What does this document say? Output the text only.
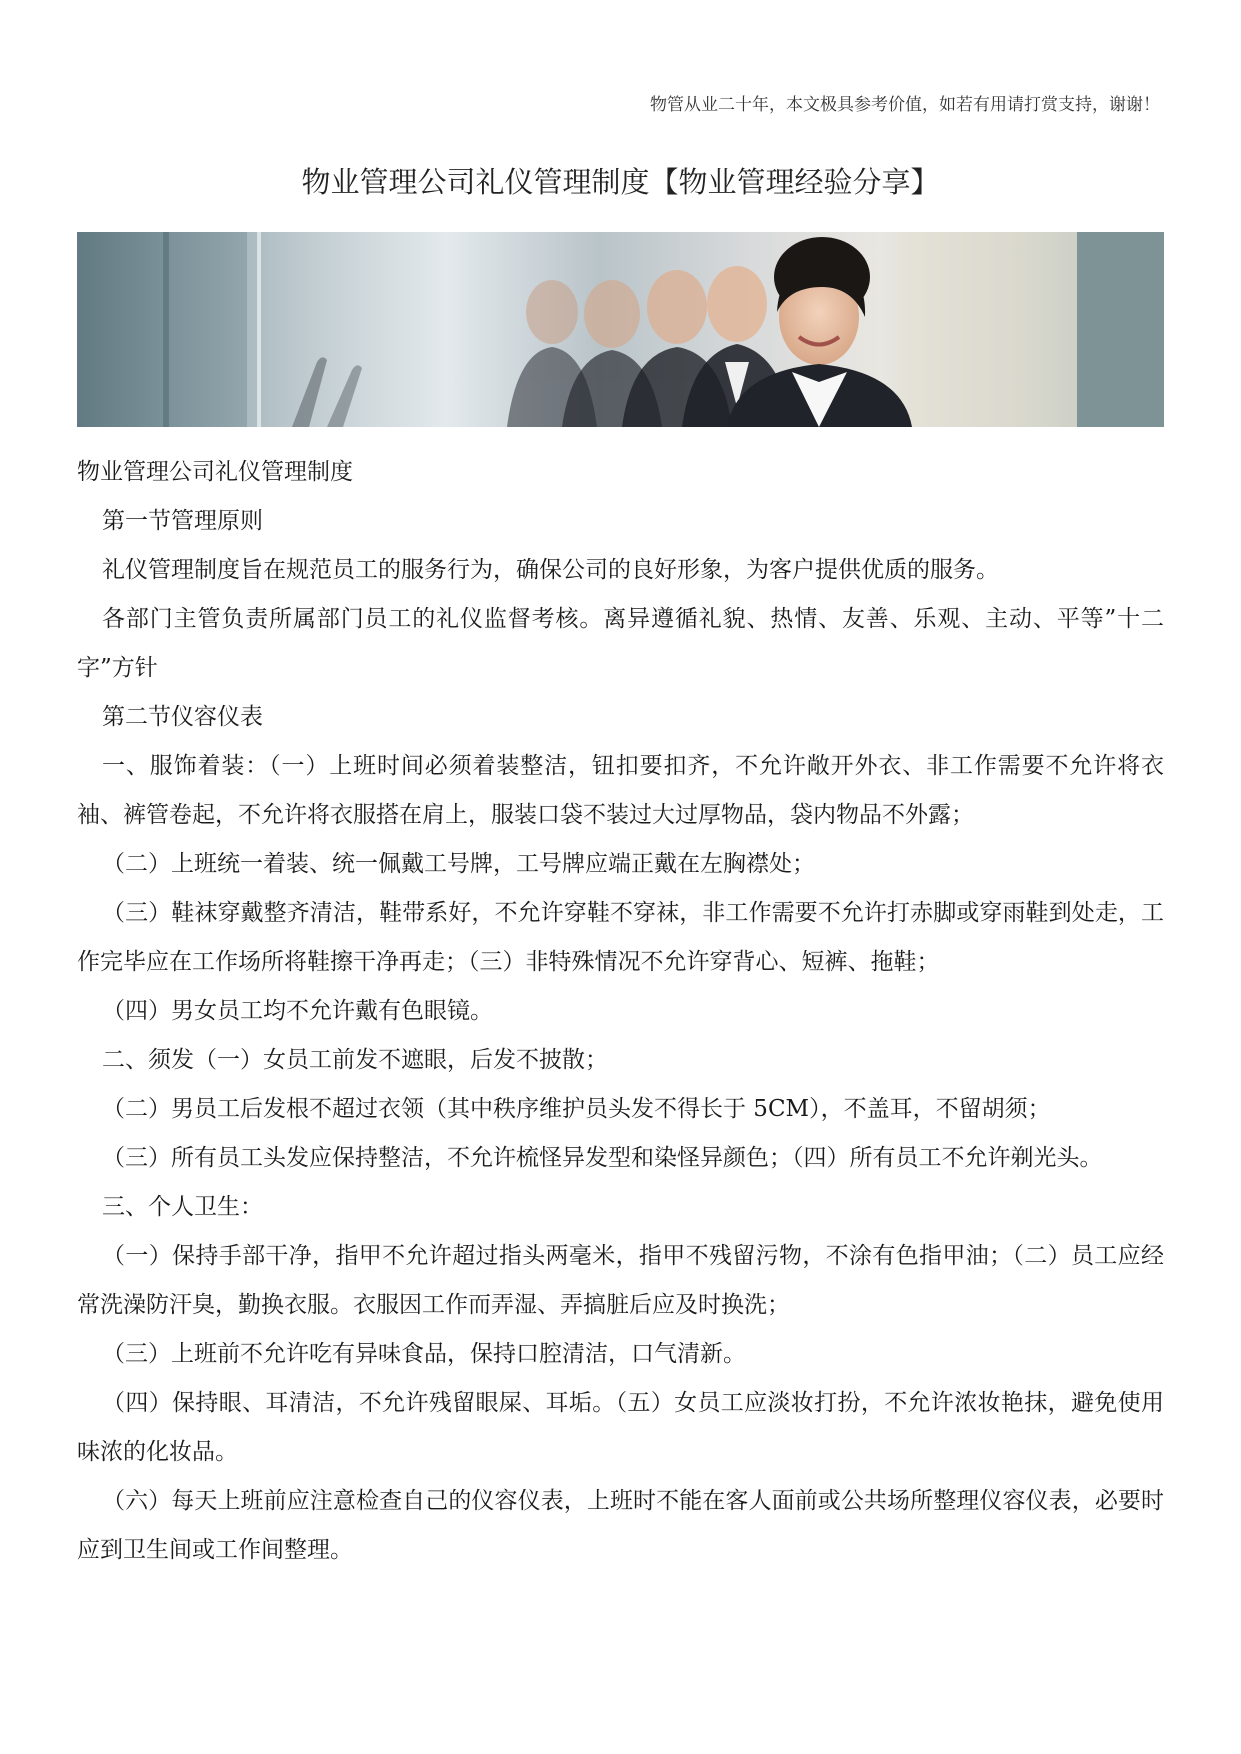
物管从业二十年，本文极具参考价值，如若有用请打赏支持，谢谢！
物业管理公司礼仪管理制度【物业管理经验分享】

物业管理公司礼仪管理制度

第一节管理原则

礼仪管理制度旨在规范员工的服务行为，确保公司的良好形象，为客户提供优质的服务。

各部门主管负责所属部门员工的礼仪监督考核。离异遵循礼貌、热情、友善、乐观、主动、平等”十二字”方针

第二节仪容仪表

一、服饰着装：（一）上班时间必须着装整洁，钮扣要扣齐，不允许敞开外衣、非工作需要不允许将衣袖、裤管卷起，不允许将衣服搭在肩上，服装口袋不装过大过厚物品，袋内物品不外露；

（二）上班统一着装、统一佩戴工号牌，工号牌应端正戴在左胸襟处；

（三）鞋袜穿戴整齐清洁，鞋带系好，不允许穿鞋不穿袜，非工作需要不允许打赤脚或穿雨鞋到处走，工作完毕应在工作场所将鞋擦干净再走；（三）非特殊情况不允许穿背心、短裤、拖鞋；

（四）男女员工均不允许戴有色眼镜。

二、须发（一）女员工前发不遮眼，后发不披散；

（二）男员工后发根不超过衣领（其中秩序维护员头发不得长于 5CM），不盖耳，不留胡须；

（三）所有员工头发应保持整洁，不允许梳怪异发型和染怪异颜色；（四）所有员工不允许剃光头。

三、个人卫生：

（一）保持手部干净，指甲不允许超过指头两毫米，指甲不残留污物，不涂有色指甲油；（二）员工应经常洗澡防汗臭，勤换衣服。衣服因工作而弄湿、弄搞脏后应及时换洗；

（三）上班前不允许吃有异味食品，保持口腔清洁，口气清新。

（四）保持眼、耳清洁，不允许残留眼屎、耳垢。（五）女员工应淡妆打扮，不允许浓妆艳抹，避免使用味浓的化妆品。

（六）每天上班前应注意检查自己的仪容仪表，上班时不能在客人面前或公共场所整理仪容仪表，必要时应到卫生间或工作间整理。
